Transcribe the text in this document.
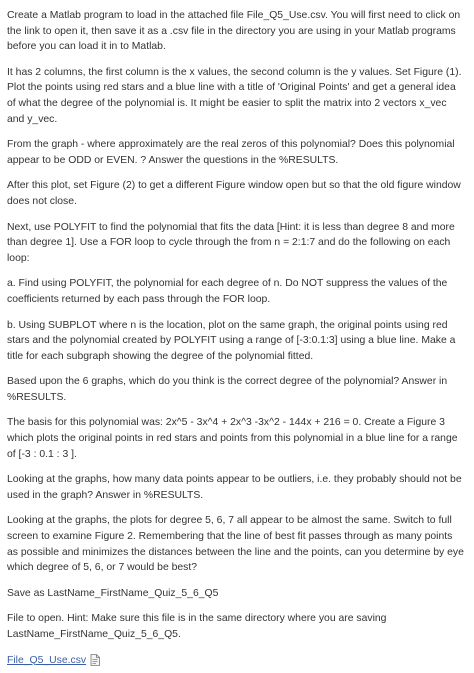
Create a Matlab program to load in the attached file File_Q5_Use.csv. You will first need to click on the link to open it, then save it as a .csv file in the directory you are using in your Matlab programs before you can load it in to Matlab.

It has 2 columns, the first column is the x values, the second column is the y values. Set Figure (1). Plot the points using red stars and a blue line with a title of 'Original Points' and get a general idea of what the degree of the polynomial is. It might be easier to split the matrix into 2 vectors x_vec and y_vec.

From the graph - where approximately are the real zeros of this polynomial? Does this polynomial appear to be ODD or EVEN. ? Answer the questions in the %RESULTS.

After this plot, set Figure (2) to get a different Figure window open but so that the old figure window does not close.

Next, use POLYFIT to find the polynomial that fits the data [Hint: it is less than degree 8 and more than degree 1]. Use a FOR loop to cycle through the from n = 2:1:7 and do the following on each loop:

a. Find using POLYFIT, the polynomial for each degree of n. Do NOT suppress the values of the coefficients returned by each pass through the FOR loop.

b. Using SUBPLOT where n is the location, plot on the same graph, the original points using red stars and the polynomial created by POLYFIT using a range of [-3:0.1:3] using a blue line. Make a title for each subgraph showing the degree of the polynomial fitted.

Based upon the 6 graphs, which do you think is the correct degree of the polynomial? Answer in %RESULTS.

The basis for this polynomial was: 2x^5 - 3x^4 + 2x^3 -3x^2 - 144x + 216 = 0. Create a Figure 3 which plots the original points in red stars and points from this polynomial in a blue line for a range of [-3 : 0.1 : 3 ].

Looking at the graphs, how many data points appear to be outliers, i.e. they probably should not be used in the graph? Answer in %RESULTS.

Looking at the graphs, the plots for degree 5, 6, 7 all appear to be almost the same. Switch to full screen to examine Figure 2. Remembering that the line of best fit passes through as many points as possible and minimizes the distances between the line and the points, can you determine by eye which degree of 5, 6, or 7 would be best?

Save as LastName_FirstName_Quiz_5_6_Q5

File to open. Hint: Make sure this file is in the same directory where you are saving LastName_FirstName_Quiz_5_6_Q5.

File_Q5_Use.csv
